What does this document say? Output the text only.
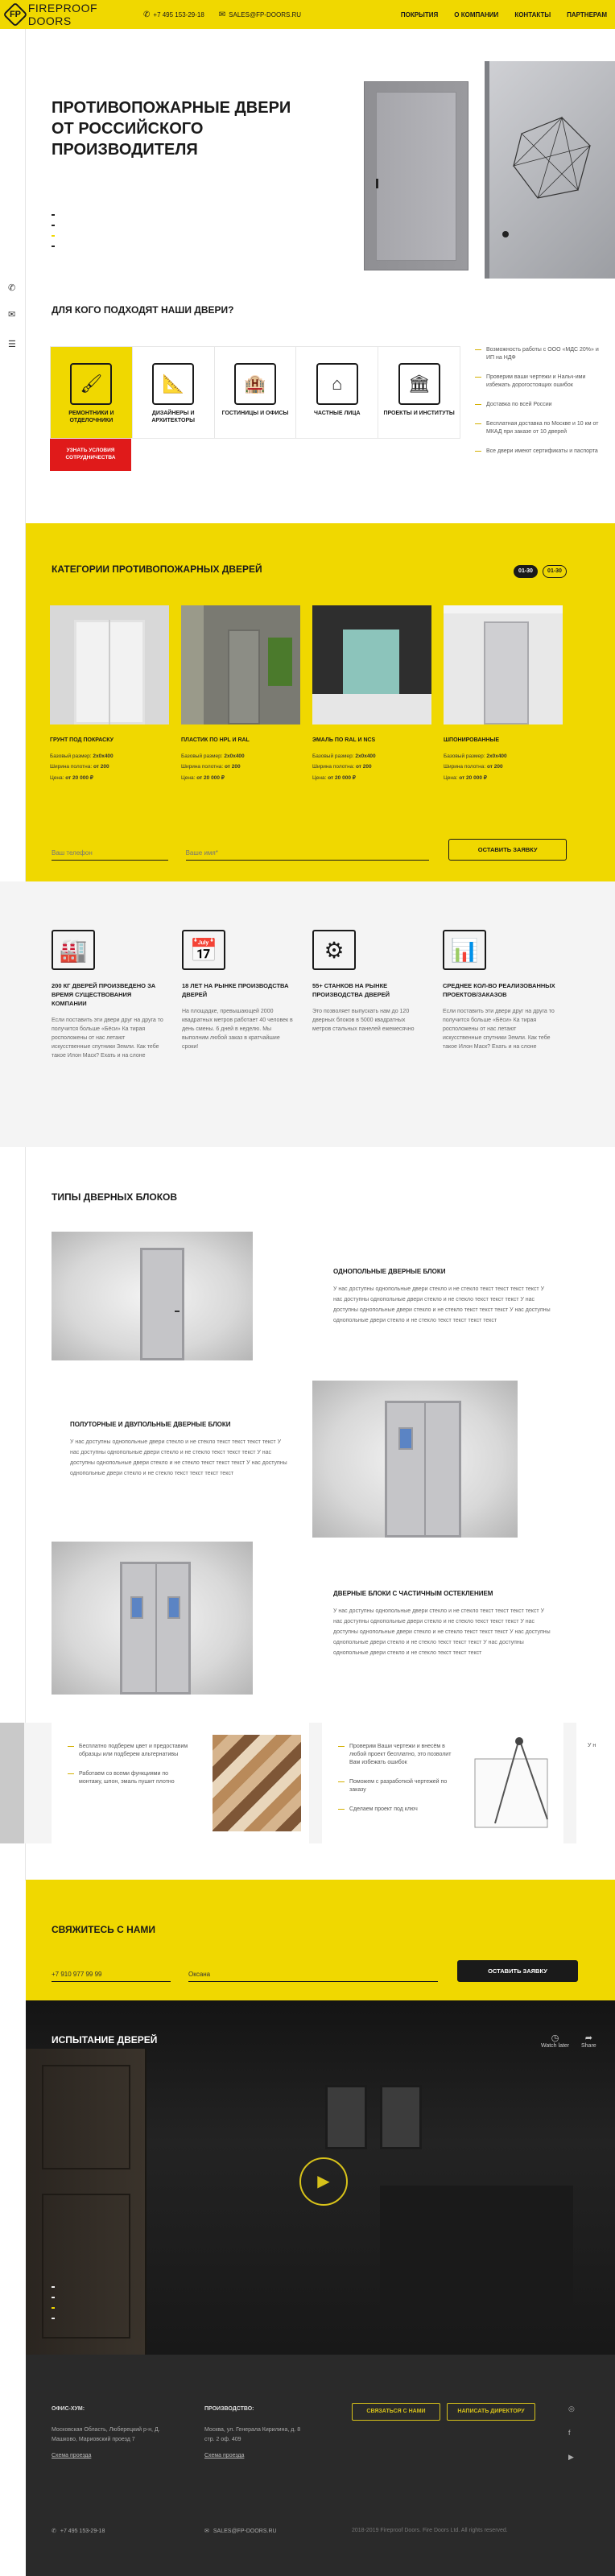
FP FIREPROOF DOORS	✆ +7 495 153-29-18 ✉ SALES@FP-DOORS.RU	ПОКРЫТИЯ	О КОМПАНИИ	КОНТАКТЫ	ПАРТНЕРАМ
✆
✉
☰
ПРОТИВОПОЖАРНЫЕ ДВЕРИ ОТ РОССИЙСКОГО ПРОИЗВОДИТЕЛЯ
ДЛЯ КОГО ПОДХОДЯТ НАШИ ДВЕРИ?
🖌
РЕМОНТНИКИ И ОТДЕЛОЧНИКИ
📐
ДИЗАЙНЕРЫ И АРХИТЕКТОРЫ
🏨
ГОСТИНИЦЫ И ОФИСЫ
⌂
ЧАСТНЫЕ ЛИЦА
🏛
ПРОЕКТЫ И ИНСТИТУТЫ
УЗНАТЬ УСЛОВИЯ СОТРУДНИЧЕСТВА
Возможность работы с ООО «МДС 20%» и ИП на НДФ
Проверим ваши чертежи и Нальч-ими избежать дорогостоящих ошибок
Доставка по всей России
Бесплатная доставка по Москве и 10 км от МКАД при заказе от 10 дверей
Все двери имеют сертификаты и паспорта
КАТЕГОРИИ ПРОТИВОПОЖАРНЫХ ДВЕРЕЙ	01-30	01-30
ГРУНТ ПОД ПОКРАСКУ
Базовый размер: 2х0х400
Ширина полотна: от 200
Цена: от 20 000 ₽
ПЛАСТИК ПО HPL И RAL
Базовый размер: 2х0х400
Ширина полотна: от 200
Цена: от 20 000 ₽
ЭМАЛЬ ПО RAL И NCS
Базовый размер: 2х0х400
Ширина полотна: от 200
Цена: от 20 000 ₽
ШПОНИРОВАННЫЕ
Базовый размер: 2х0х400
Ширина полотна: от 200
Цена: от 20 000 ₽
Ваш телефон
Ваше имя*
ОСТАВИТЬ ЗАЯВКУ
🏭
200 КГ ДВЕРЕЙ ПРОИЗВЕДЕНО ЗА ВРЕМЯ СУЩЕСТВОВАНИЯ КОМПАНИИ
Если поставить эти двери друг на друга то получится больше «Бёси» Ка тирая росположены от нас летают искусственные спутники Земли. Как тебе такое Илон Маск? Ехать и на слоне
📅
18 ЛЕТ НА РЫНКЕ ПРОИЗВОДСТВА ДВЕРЕЙ
На площадке, превышающей 2000 квадратных метров работает 40 человек в день смены. 6 дней в неделю. Мы выполним любой заказ в кратчайшие сроки!
⚙
55+ СТАНКОВ НА РЫНКЕ ПРОИЗВОДСТВА ДВЕРЕЙ
Это позволяет выпускать нам до 120 дверных блоков в 5000 квадратных метров стальных панелей ежемесячно
📊
СРЕДНЕЕ КОЛ-ВО РЕАЛИЗОВАННЫХ ПРОЕКТОВ/ЗАКАЗОВ
Если поставить эти двери друг на друга то получится больше «Бёси» Ка тирая росположены от нас летают искусственные спутники Земли. Как тебе такое Илон Маск? Ехать и на слоне
ТИПЫ ДВЕРНЫХ БЛОКОВ
ОДНОПОЛЬНЫЕ ДВЕРНЫЕ БЛОКИ
У нас доступны однопольные двери стекло и не стекло текст текст текст текст У нас доступны однопольные двери стекло и не стекло текст текст текст У нас доступны однопольные двери стекло и не стекло текст текст текст У нас доступны однопольные двери стекло и не стекло текст текст текст текст
ПОЛУТОРНЫЕ И ДВУПОЛЬНЫЕ ДВЕРНЫЕ БЛОКИ
У нас доступны однопольные двери стекло и не стекло текст текст текст текст У нас доступны однопольные двери стекло и не стекло текст текст текст У нас доступны однопольные двери стекло и не стекло текст текст текст У нас доступны однопольные двери стекло и не стекло текст текст текст текст
ДВЕРНЫЕ БЛОКИ С ЧАСТИЧНЫМ ОСТЕКЛЕНИЕМ
У нас доступны однопольные двери стекло и не стекло текст текст текст текст У нас доступны однопольные двери стекло и не стекло текст текст текст У нас доступны однопольные двери стекло и не стекло текст текст текст У нас доступны однопольные двери стекло и не стекло текст текст текст У нас доступны однопольные двери стекло и не стекло текст текст текст
Бесплатно подберем цвет и предоставим образцы или подберем альтернативы
Работаем со всеми функциями по монтажу, шпон, эмаль пушит плотно
Проверим Ваши чертежи и внесём в любой проект бесплатно, это позволит Вам избежать ошибок
Поможем с разработкой чертежей по заказу
Сделаем проект под ключ
У н
СВЯЖИТЕСЬ С НАМИ
+7 910 977 99 99
Оксана
ОСТАВИТЬ ЗАЯВКУ
ИСПЫТАНИЕ ДВЕРЕЙ
▶
◷
Watch later
➦
Share
ОФИС-ХУМ:
Московская Область, Люберецкий р-н, Д. Машково, Мариовский проезд 7
Схема проезда
ПРОИЗВОДСТВО:
Москва, ул. Генерала Кирилина, д. 8 стр. 2 оф. 409
Схема проезда
СВЯЗАТЬСЯ С НАМИ	НАПИСАТЬ ДИРЕКТОРУ	◎
f
▶
✆ +7 495 153-29-18	✉ SALES@FP-DOORS.RU	2018-2019 Fireproof Doors. Fire Doors Ltd. All rights reserved.
